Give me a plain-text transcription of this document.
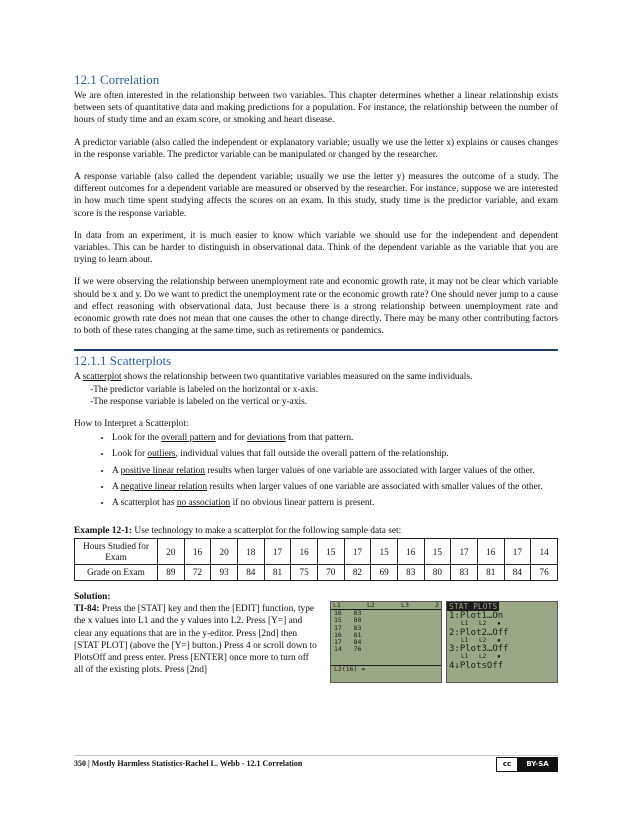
12.1 Correlation

We are often interested in the relationship between two variables. This chapter determines whether a linear relationship exists between sets of quantitative data and making predictions for a population. For instance, the relationship between the number of hours of study time and an exam score, or smoking and heart disease.

A predictor variable (also called the independent or explanatory variable; usually we use the letter x) explains or causes changes in the response variable. The predictor variable can be manipulated or changed by the researcher.

A response variable (also called the dependent variable; usually we use the letter y) measures the outcome of a study. The different outcomes for a dependent variable are measured or observed by the researcher. For instance, suppose we are interested in how much time spent studying affects the scores on an exam. In this study, study time is the predictor variable, and exam score is the response variable.

In data from an experiment, it is much easier to know which variable we should use for the independent and dependent variables. This can be harder to distinguish in observational data. Think of the dependent variable as the variable that you are trying to learn about.

If we were observing the relationship between unemployment rate and economic growth rate, it may not be clear which variable should be x and y. Do we want to predict the unemployment rate or the economic growth rate? One should never jump to a cause and effect reasoning with observational data. Just because there is a strong relationship between unemployment rate and economic growth rate does not mean that one causes the other to change directly. There may be many other contributing factors to both of these rates changing at the same time, such as retirements or pandemics.

12.1.1 Scatterplots
A scatterplot shows the relationship between two quantitative variables measured on the same individuals.
-The predictor variable is labeled on the horizontal or x-axis.
-The response variable is labeled on the vertical or y-axis.
How to Interpret a Scatterplot:
• Look for the overall pattern and for deviations from that pattern.
• Look for outliers, individual values that fall outside the overall pattern of the relationship.
• A positive linear relation results when larger values of one variable are associated with larger values of the other.
• A negative linear relation results when larger values of one variable are associated with smaller values of the other.
• A scatterplot has no association if no obvious linear pattern is present.
Example 12-1: Use technology to make a scatterplot for the following sample data set:
Hours Studied for Exam	20	16	20	18	17	16	15	17	15	16	15	17	16	17	14
Grade on Exam	89	72	93	84	81	75	70	82	69	83	80	83	81	84	76
Solution:
TI-84: Press the [STAT] key and then the [EDIT] function, type the x values into L1 and the y values into L2. Press [Y=] and clear any equations that are in the y-editor. Press [2nd] then [STAT PLOT] (above the [Y=] button.) Press 4 or scroll down to PlotsOff and press enter. Press [ENTER] once more to turn off all of the existing plots. Press [2nd]
L1	L2	L3	2
16   83
15   80
17   83
16   81
17   84
14   76
L2(16) =
STAT PLOTS
1:Plot1…On
L1   L2   ▪
2:Plot2…Off
L1   L2   ▪
3:Plot3…Off
L1   L2   ▪
4↓PlotsOff
350 | Mostly Harmless Statistics-Rachel L. Webb - 12.1 Correlation	cc	BY-SA
